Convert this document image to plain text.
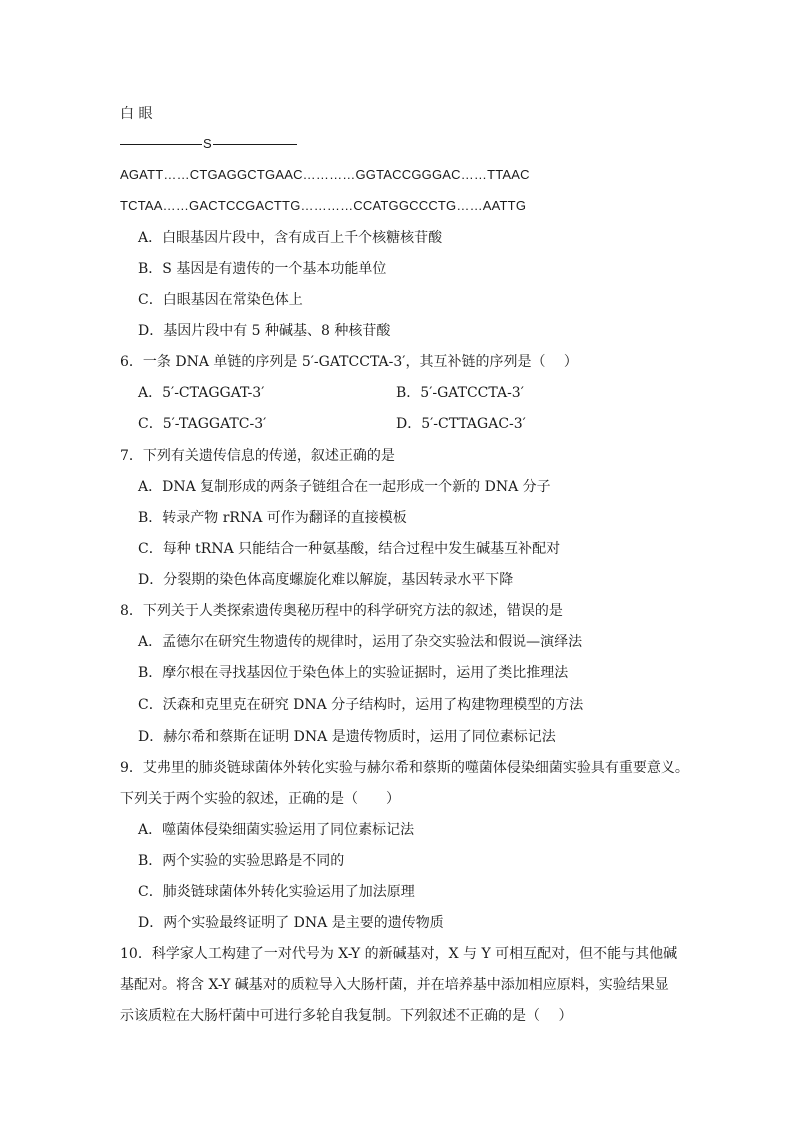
白 眼
S
AGATT……CTGAGGCTGAAC…………GGTACCGGGAC……TTAAC
TCTAA……GACTCCGACTTG…………CCATGGCCCTG……AATTG
A．白眼基因片段中，含有成百上千个核糖核苷酸
B．S 基因是有遗传的一个基本功能单位
C．白眼基因在常染色体上
D．基因片段中有 5 种碱基、8 种核苷酸
6．一条 DNA 单链的序列是 5′-GATCCTA-3′，其互补链的序列是（　 ）
A．5′-CTAGGAT-3′	B．5′-GATCCTA-3′
C．5′-TAGGATC-3′	D．5′-CTTAGAC-3′
7．下列有关遗传信息的传递，叙述正确的是
A．DNA 复制形成的两条子链组合在一起形成一个新的 DNA 分子
B．转录产物 rRNA 可作为翻译的直接模板
C．每种 tRNA 只能结合一种氨基酸，结合过程中发生碱基互补配对
D．分裂期的染色体高度螺旋化难以解旋，基因转录水平下降
8．下列关于人类探索遗传奥秘历程中的科学研究方法的叙述，错误的是
A．孟德尔在研究生物遗传的规律时，运用了杂交实验法和假说—演绎法
B．摩尔根在寻找基因位于染色体上的实验证据时，运用了类比推理法
C．沃森和克里克在研究 DNA 分子结构时，运用了构建物理模型的方法
D．赫尔希和蔡斯在证明 DNA 是遗传物质时，运用了同位素标记法
9．艾弗里的肺炎链球菌体外转化实验与赫尔希和蔡斯的噬菌体侵染细菌实验具有重要意义。
下列关于两个实验的叙述，正确的是（　　）
A．噬菌体侵染细菌实验运用了同位素标记法
B．两个实验的实验思路是不同的
C．肺炎链球菌体外转化实验运用了加法原理
D．两个实验最终证明了 DNA 是主要的遗传物质
10．科学家人工构建了一对代号为 X-Y 的新碱基对，X 与 Y 可相互配对，但不能与其他碱
基配对。将含 X-Y 碱基对的质粒导入大肠杆菌，并在培养基中添加相应原料，实验结果显
示该质粒在大肠杆菌中可进行多轮自我复制。下列叙述不正确的是（　 ）
